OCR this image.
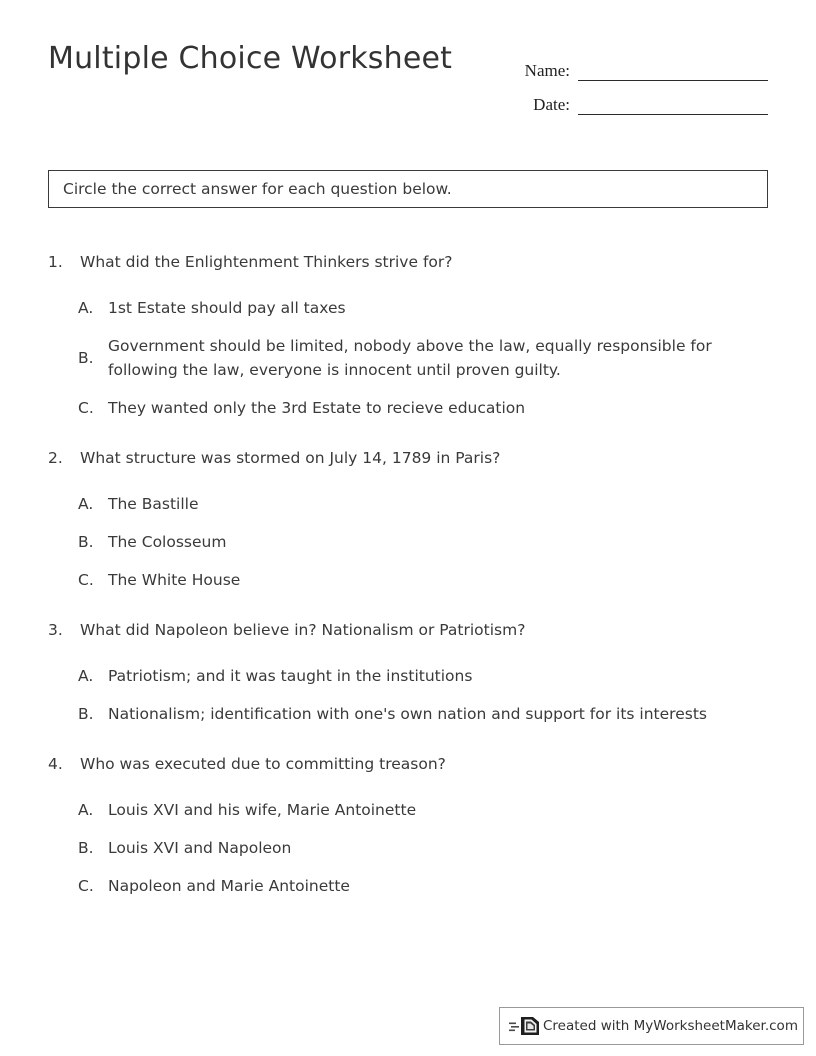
Multiple Choice Worksheet	Name:
Date:
Circle the correct answer for each question below.
1.	What did the Enlightenment Thinkers strive for?
A. 1st Estate should pay all taxes
B.
Government should be limited, nobody above the law, equally responsible for following the law, everyone is innocent until proven guilty.
C. They wanted only the 3rd Estate to recieve education
2.	What structure was stormed on July 14, 1789 in Paris?
A. The Bastille
B. The Colosseum
C. The White House
3.	What did Napoleon believe in? Nationalism or Patriotism?
A. Patriotism; and it was taught in the institutions
B. Nationalism; identification with one's own nation and support for its interests
4.	Who was executed due to committing treason?
A. Louis XVI and his wife, Marie Antoinette
B. Louis XVI and Napoleon
C. Napoleon and Marie Antoinette
Created with MyWorksheetMaker.com
